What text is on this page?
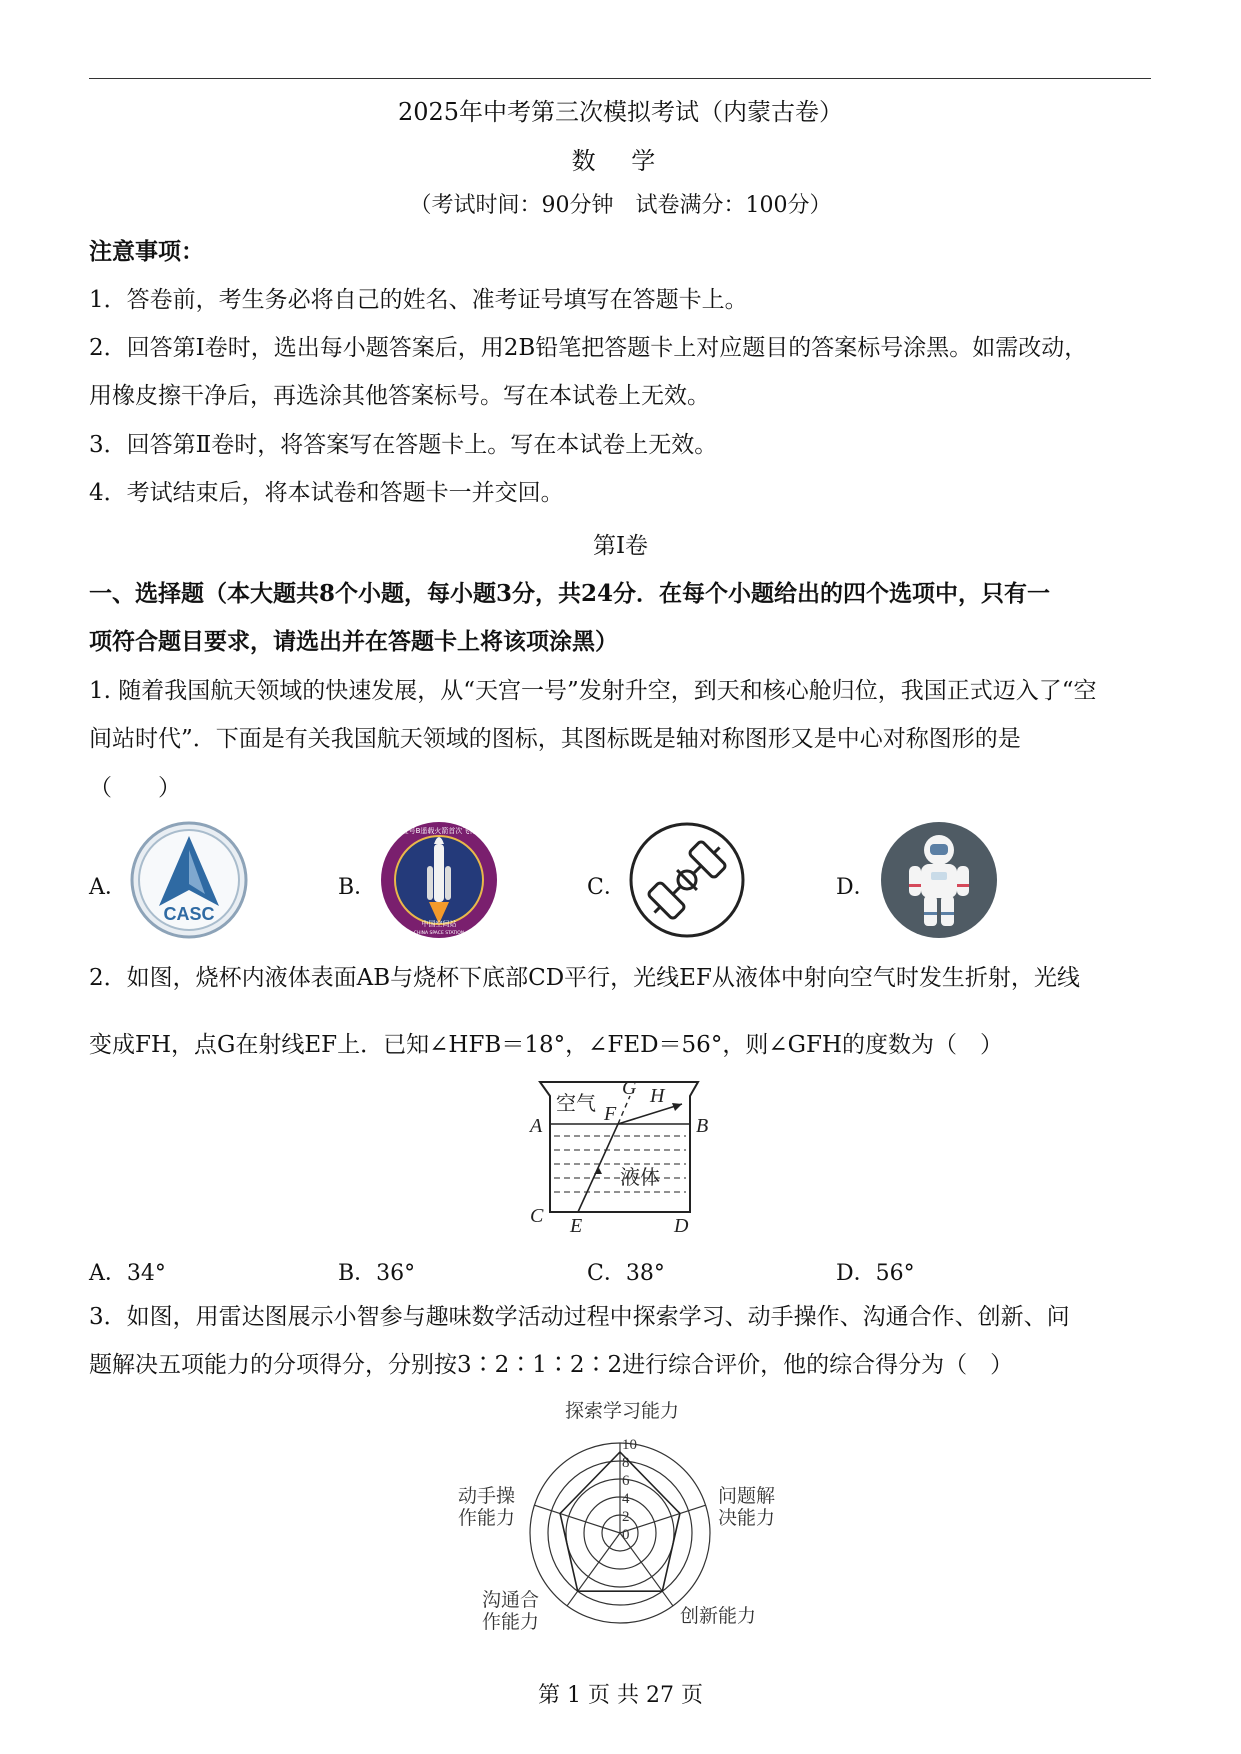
2025年中考第三次模拟考试（内蒙古卷）
数 学
（考试时间：90分钟　试卷满分：100分）
注意事项：
1．答卷前，考生务必将自己的姓名、准考证号填写在答题卡上。
2．回答第Ⅰ卷时，选出每小题答案后，用2B铅笔把答题卡上对应题目的答案标号涂黑。如需改动，
用橡皮擦干净后，再选涂其他答案标号。写在本试卷上无效。
3．回答第Ⅱ卷时，将答案写在答题卡上。写在本试卷上无效。
4．考试结束后，将本试卷和答题卡一并交回。
第Ⅰ卷
一、选择题（本大题共8个小题，每小题3分，共24分．在每个小题给出的四个选项中，只有一
项符合题目要求，请选出并在答题卡上将该项涂黑）
1. 随着我国航天领域的快速发展，从“天宫一号”发射升空，到天和核心舱归位，我国正式迈入了“空
间站时代”．下面是有关我国航天领域的图标，其图标既是轴对称图形又是中心对称图形的是
（　　）
A．	B．	C．	D．
CASC
长征五号B遥载火箭首次飞行任务
中国空间站
CHINA SPACE STATION
2．如图，烧杯内液体表面AB与烧杯下底部CD平行，光线EF从液体中射向空气时发生折射，光线
变成FH，点G在射线EF上．已知∠HFB＝18°，∠FED＝56°，则∠GFH的度数为（　）
空气
液体
A	B
C	D
E
F
G H
A．34°	B．36°	C．38°	D．56°
3．如图，用雷达图展示小智参与趣味数学活动过程中探索学习、动手操作、沟通合作、创新、问
题解决五项能力的分项得分，分别按3∶2∶1∶2∶2进行综合评价，他的综合得分为（　）
10
8
6
4
2
0
探索学习能力
问题解
决能力
动手操
作能力
沟通合
作能力	创新能力
第 1 页 共 27 页
